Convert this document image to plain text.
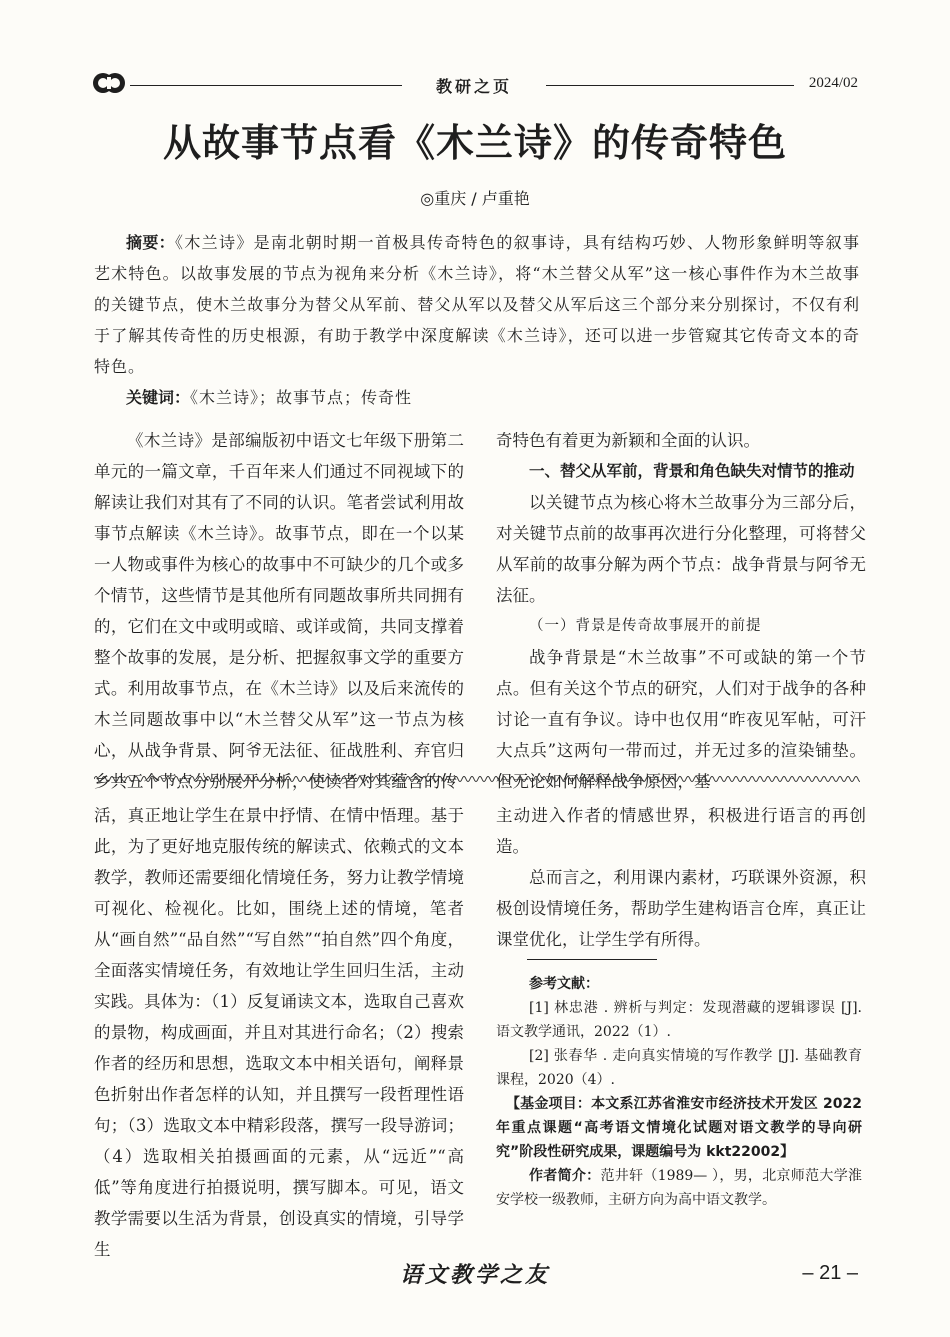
教研之页	2024/02
从故事节点看《木兰诗》的传奇特色
◎重庆 / 卢重艳

摘要：《木兰诗》是南北朝时期一首极具传奇特色的叙事诗，具有结构巧妙、人物形象鲜明等叙事艺术特色。以故事发展的节点为视角来分析《木兰诗》，将“木兰替父从军”这一核心事件作为木兰故事的关键节点，使木兰故事分为替父从军前、替父从军以及替父从军后这三个部分来分别探讨，不仅有利于了解其传奇性的历史根源，有助于教学中深度解读《木兰诗》，还可以进一步管窥其它传奇文本的奇特色。

关键词：《木兰诗》；故事节点；传奇性

《木兰诗》是部编版初中语文七年级下册第二单元的一篇文章，千百年来人们通过不同视域下的解读让我们对其有了不同的认识。笔者尝试利用故事节点解读《木兰诗》。故事节点，即在一个以某一人物或事件为核心的故事中不可缺少的几个或多个情节，这些情节是其他所有同题故事所共同拥有的，它们在文中或明或暗、或详或简，共同支撑着整个故事的发展，是分析、把握叙事文学的重要方式。利用故事节点，在《木兰诗》以及后来流传的木兰同题故事中以“木兰替父从军”这一节点为核心，从战争背景、阿爷无法征、征战胜利、弃官归乡共五个节点分别展开分析，使读者对其蕴含的传

奇特色有着更为新颖和全面的认识。

一、替父从军前，背景和角色缺失对情节的推动

以关键节点为核心将木兰故事分为三部分后，对关键节点前的故事再次进行分化整理，可将替父从军前的故事分解为两个节点：战争背景与阿爷无法征。

（一）背景是传奇故事展开的前提

战争背景是“木兰故事”不可或缺的第一个节点。但有关这个节点的研究，人们对于战争的各种讨论一直有争议。诗中也仅用“昨夜见军帖，可汗大点兵”这两句一带而过，并无过多的渲染铺垫。但无论如何解释战争原因，基

活，真正地让学生在景中抒情、在情中悟理。基于此，为了更好地克服传统的解读式、依赖式的文本教学，教师还需要细化情境任务，努力让教学情境可视化、检视化。比如，围绕上述的情境，笔者从“画自然”“品自然”“写自然”“拍自然”四个角度，全面落实情境任务，有效地让学生回归生活，主动实践。具体为：（1）反复诵读文本，选取自己喜欢的景物，构成画面，并且对其进行命名；（2）搜索作者的经历和思想，选取文本中相关语句，阐释景色折射出作者怎样的认知，并且撰写一段哲理性语句；（3）选取文本中精彩段落，撰写一段导游词；（4）选取相关拍摄画面的元素，从“远近”“高低”等角度进行拍摄说明，撰写脚本。可见，语文教学需要以生活为背景，创设真实的情境，引导学生

主动进入作者的情感世界，积极进行语言的再创造。

总而言之，利用课内素材，巧联课外资源，积极创设情境任务，帮助学生建构语言仓库，真正让课堂优化，让学生学有所得。

参考文献：

[1] 林忠港 . 辨析与判定：发现潜藏的逻辑谬误 [J]. 语文教学通讯，2022（1）.

[2] 张春华 . 走向真实情境的写作教学 [J]. 基础教育课程，2020（4）.

【基金项目：本文系江苏省淮安市经济技术开发区 2022 年重点课题“高考语文情境化试题对语文教学的导向研究”阶段性研究成果，课题编号为 kkt22002】

作者简介：范井轩（1989— ），男，北京师范大学淮安学校一级教师，主研方向为高中语文教学。

语文教学之友	– 21 –
